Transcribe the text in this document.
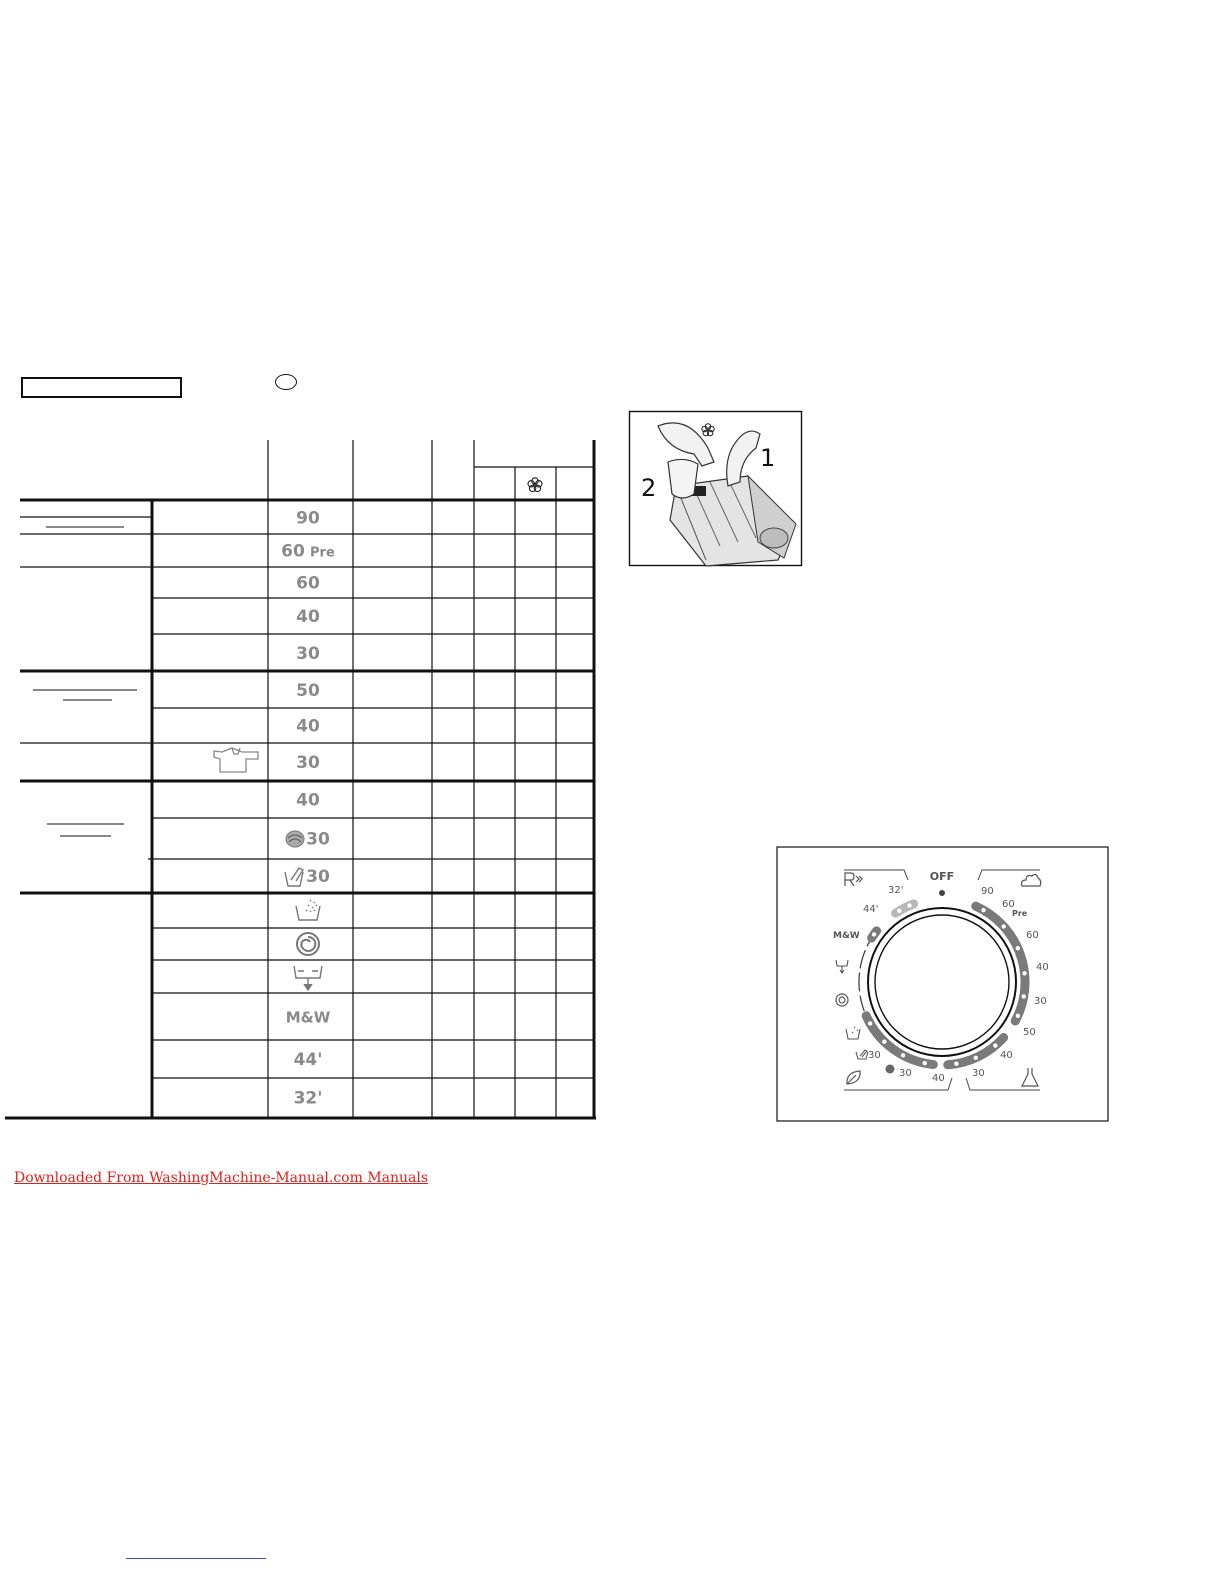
90
60 Pre
60
40
30
50
40
30
40
30
30
M&W
44'
32'
1
2
OFF
90
60
Pre
60
40
30
50
40
30
40
30
30
M&W
44'
32'
Downloaded From WashingMachine-Manual.com Manuals
